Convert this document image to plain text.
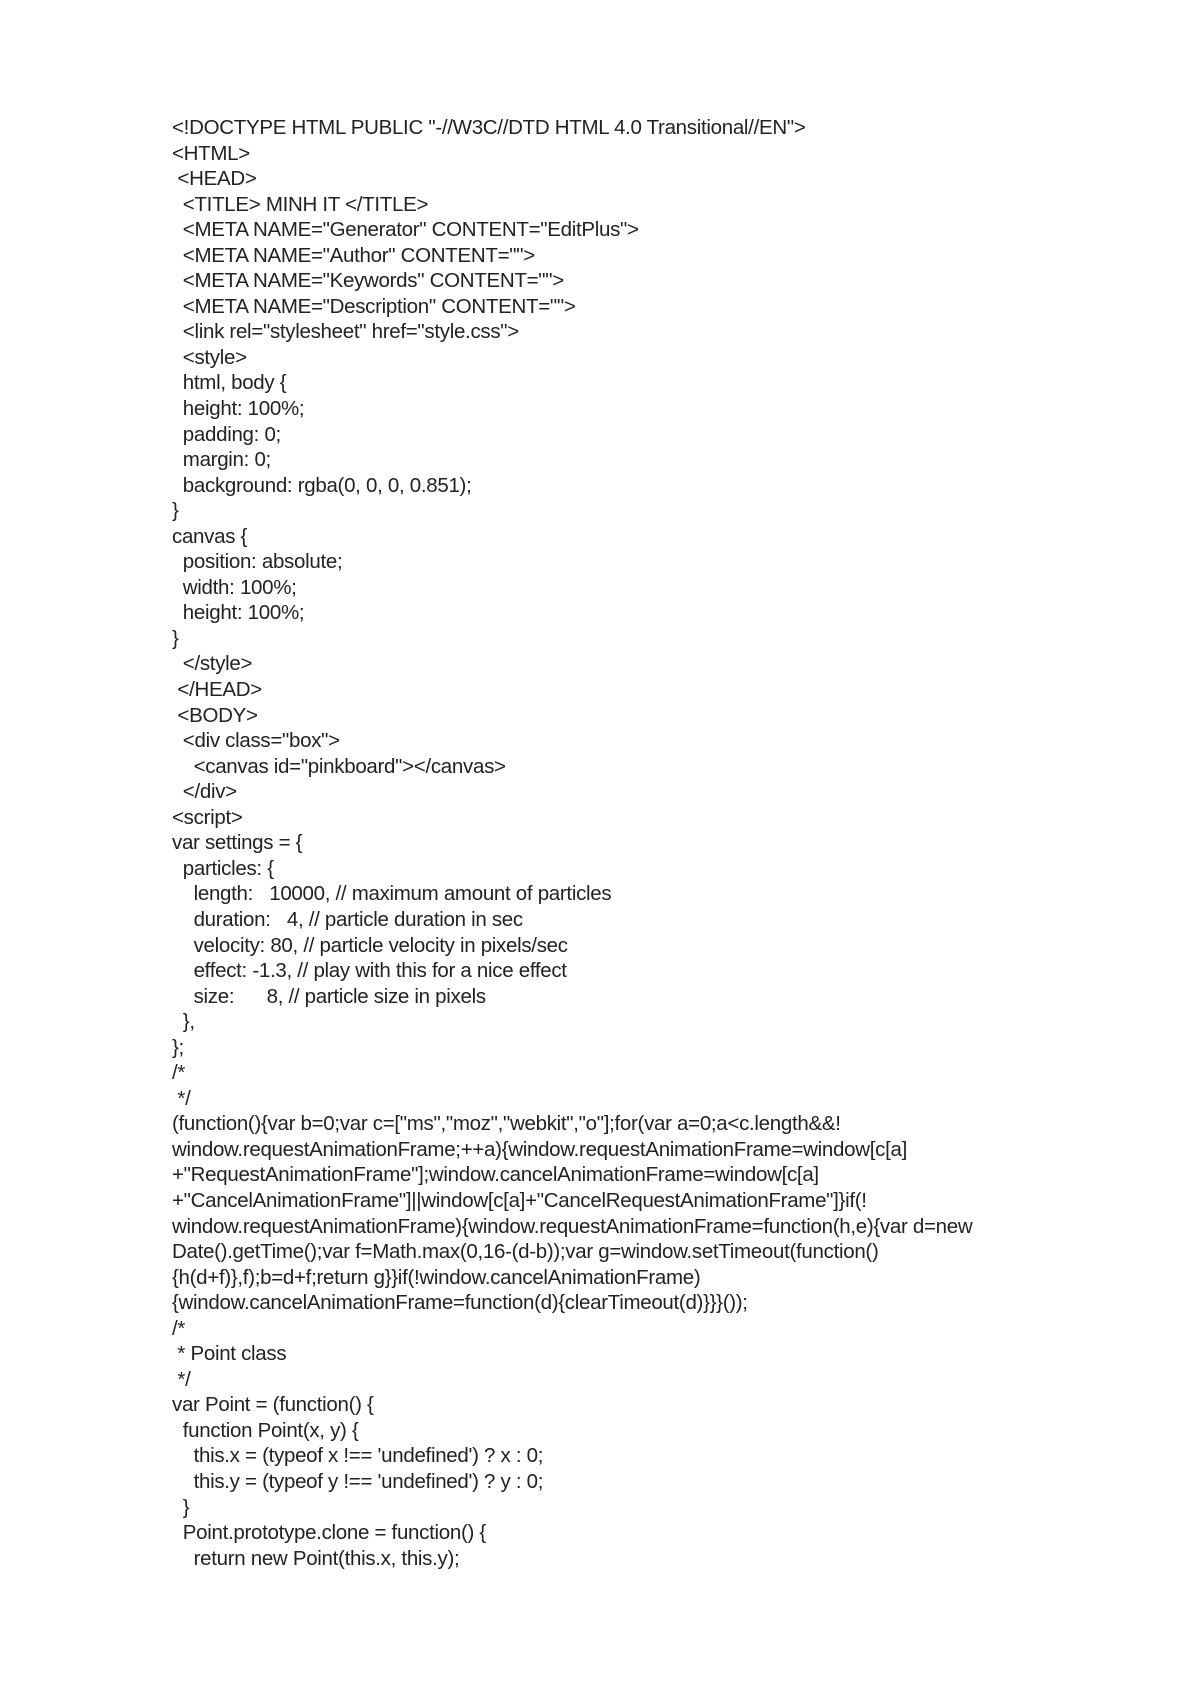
<!DOCTYPE HTML PUBLIC "-//W3C//DTD HTML 4.0 Transitional//EN">
<HTML>
<HEAD>
<TITLE> MINH IT </TITLE>
<META NAME="Generator" CONTENT="EditPlus">
<META NAME="Author" CONTENT="">
<META NAME="Keywords" CONTENT="">
<META NAME="Description" CONTENT="">
<link rel="stylesheet" href="style.css">
<style>
html, body {
height: 100%;
padding: 0;
margin: 0;
background: rgba(0, 0, 0, 0.851);
}
canvas {
position: absolute;
width: 100%;
height: 100%;
}
</style>
</HEAD>
<BODY>
<div class="box">
<canvas id="pinkboard"></canvas>
</div>
<script>
var settings = {
particles: {
length:   10000, // maximum amount of particles
duration:   4, // particle duration in sec
velocity: 80, // particle velocity in pixels/sec
effect: -1.3, // play with this for a nice effect
size:      8, // particle size in pixels
},
};
/*
*/
(function(){var b=0;var c=["ms","moz","webkit","o"];for(var a=0;a<c.length&&!
window.requestAnimationFrame;++a){window.requestAnimationFrame=window[c[a]
+"RequestAnimationFrame"];window.cancelAnimationFrame=window[c[a]
+"CancelAnimationFrame"]||window[c[a]+"CancelRequestAnimationFrame"]}if(!
window.requestAnimationFrame){window.requestAnimationFrame=function(h,e){var d=new
Date().getTime();var f=Math.max(0,16-(d-b));var g=window.setTimeout(function()
{h(d+f)},f);b=d+f;return g}}if(!window.cancelAnimationFrame)
{window.cancelAnimationFrame=function(d){clearTimeout(d)}}}());
/*
* Point class
*/
var Point = (function() {
function Point(x, y) {
this.x = (typeof x !== 'undefined') ? x : 0;
this.y = (typeof y !== 'undefined') ? y : 0;
}
Point.prototype.clone = function() {
return new Point(this.x, this.y);
